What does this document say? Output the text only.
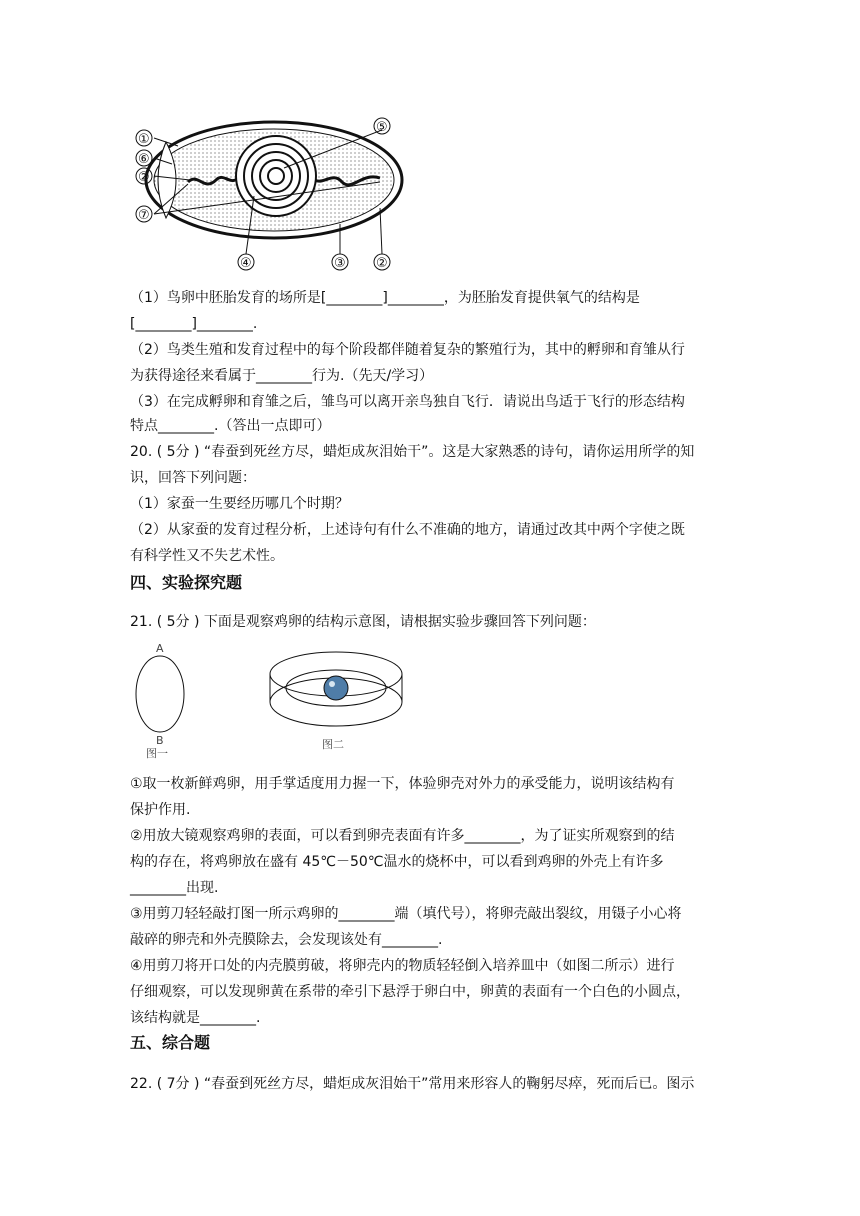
①
⑥
②
⑦
⑤
④	③ ②
A
B
图一
图二
（1）鸟卵中胚胎发育的场所是[________]________，为胚胎发育提供氧气的结构是
[________]________.
（2）鸟类生殖和发育过程中的每个阶段都伴随着复杂的繁殖行为，其中的孵卵和育雏从行
为获得途径来看属于________行为.（先天/学习）
（3）在完成孵卵和育雏之后，雏鸟可以离开亲鸟独自飞行．请说出鸟适于飞行的形态结构
特点________.（答出一点即可）
20. ( 5分 ) “春蚕到死丝方尽，蜡炬成灰泪始干”。这是大家熟悉的诗句，请你运用所学的知
识，回答下列问题：
（1）家蚕一生要经历哪几个时期？
（2）从家蚕的发育过程分析，上述诗句有什么不准确的地方，请通过改其中两个字使之既
有科学性又不失艺术性。
四、实验探究题
21. ( 5分 ) 下面是观察鸡卵的结构示意图，请根据实验步骤回答下列问题：
①取一枚新鲜鸡卵，用手掌适度用力握一下，体验卵壳对外力的承受能力，说明该结构有
保护作用.
②用放大镜观察鸡卵的表面，可以看到卵壳表面有许多________，为了证实所观察到的结
构的存在，将鸡卵放在盛有 45℃－50℃温水的烧杯中，可以看到鸡卵的外壳上有许多
________出现.
③用剪刀轻轻敲打图一所示鸡卵的________端（填代号），将卵壳敲出裂纹，用镊子小心将
敲碎的卵壳和外壳膜除去，会发现该处有________.
④用剪刀将开口处的内壳膜剪破，将卵壳内的物质轻轻倒入培养皿中（如图二所示）进行
仔细观察，可以发现卵黄在系带的牵引下悬浮于卵白中，卵黄的表面有一个白色的小圆点，
该结构就是________.
五、综合题
22. ( 7分 ) “春蚕到死丝方尽，蜡炬成灰泪始干”常用来形容人的鞠躬尽瘁，死而后已。图示
